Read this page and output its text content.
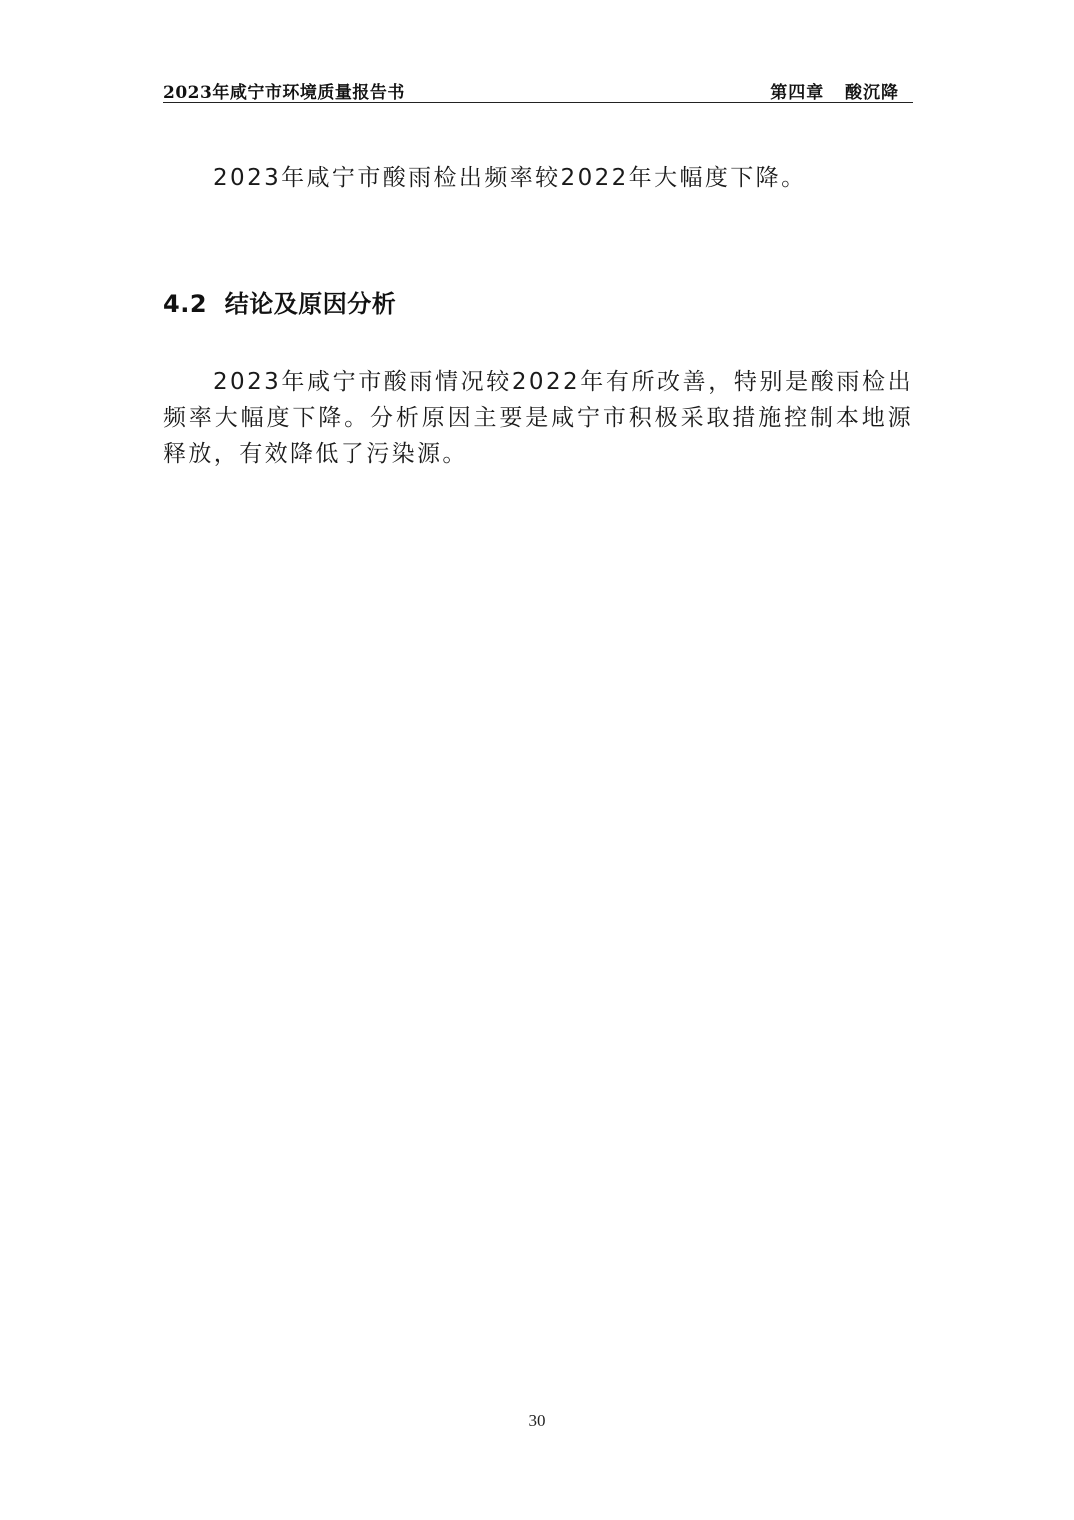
2023年咸宁市环境质量报告书	第四章   酸沉降

2023年咸宁市酸雨检出频率较2022年大幅度下降。

4.2  结论及原因分析

2023年咸宁市酸雨情况较2022年有所改善，特别是酸雨检出频率大幅度下降。分析原因主要是咸宁市积极采取措施控制本地源释放，有效降低了污染源。

30
